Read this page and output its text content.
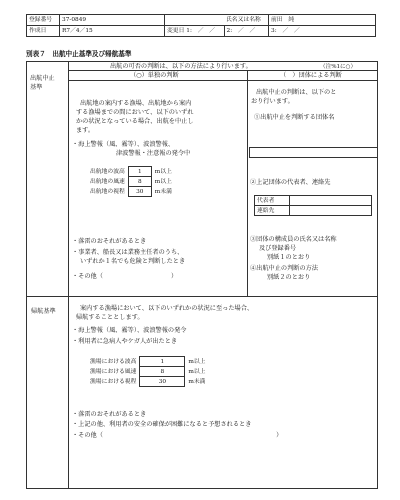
登録番号	37-0849		氏名又は名称	前田　純
作成日	R7／4／15	変更日 1:　／　／	2:　／　／	3:　／　／
別表７　出航中止基準及び帰航基準
出航中止
基準
出航の可否の判断は、以下の方法により行います。	（注%1に○）
（○）単独の判断	（　）団体による判断
出航地の案内する漁場、出航地から案内
する漁場までの間において、以下のいずれ
かの状況となっている場合、出航を中止し
ます。
・海上警報（風、霧等）、波浪警報、
津波警報・注意報の発令中
出航地の波高	1	m以上
出航地の風速	8	m以上
出航地の視程	30	m未満
・落雷のおそれがあるとき
・事業者、船長又は業務主任者のうち、
いずれか１名でも危険と判断したとき
・その他（　　　　　　　　　　　）
出航中止の判断は、以下のと
おり行います。
①出航中止を判断する団体名
②上記団体の代表者、連絡先
代表者	
連絡先	
③団体の構成員の氏名又は名称
及び登録番号
別紙１のとおり
④出航中止の判断の方法
別紙２のとおり
帰航基準	案内する漁場において、以下のいずれかの状況に至った場合、
帰航することとします。
・海上警報（風、霧等）、波浪警報の発令
・利用者に急病人やケガ人が出たとき
漁場における波高	1	m以上
漁場における風速	8	m以上
漁場における視程	30	m未満
・落雷のおそれがあるとき
・上記の他、利用者の安全の確保が困難になると予想されるとき
・その他（　　　　　　　　　　　　　　　　　　　　　　　　　　　　）
